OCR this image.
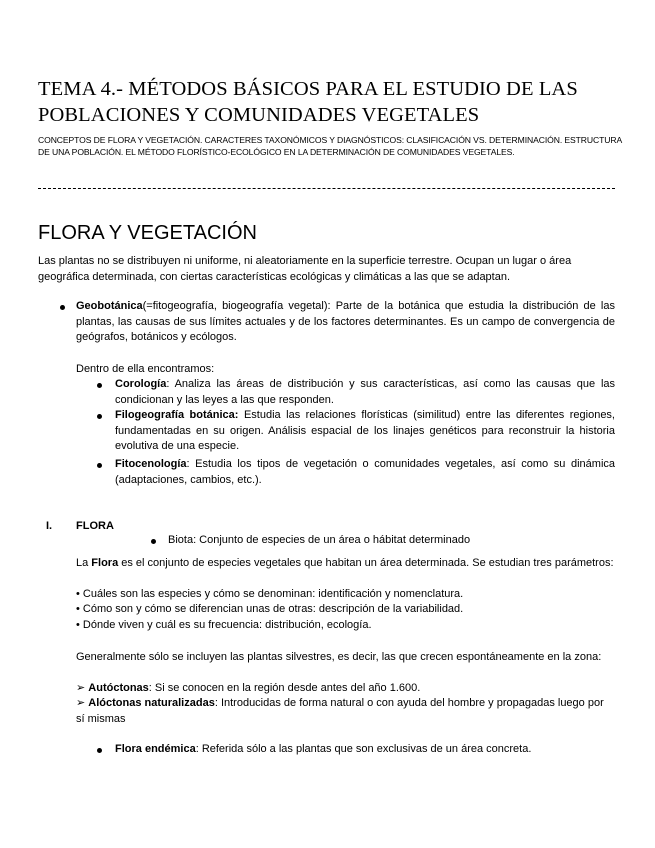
TEMA 4.- MÉTODOS BÁSICOS PARA EL ESTUDIO DE LAS
POBLACIONES Y COMUNIDADES VEGETALES

CONCEPTOS DE FLORA Y VEGETACIÓN. CARACTERES TAXONÓMICOS Y DIAGNÓSTICOS: CLASIFICACIÓN VS. DETERMINACIÓN. ESTRUCTURA DE UNA POBLACIÓN. EL MÉTODO FLORÍSTICO-ECOLÓGICO EN LA DETERMINACIÓN DE COMUNIDADES VEGETALES.

FLORA Y VEGETACIÓN

Las plantas no se distribuyen ni uniforme, ni aleatoriamente en la superficie terrestre. Ocupan un lugar o área geográfica determinada, con ciertas características ecológicas y climáticas a las que se adaptan.

Geobotánica(=fitogeografía, biogeografía vegetal): Parte de la botánica que estudia la distribución de las plantas, las causas de sus límites actuales y de los factores determinantes. Es un campo de convergencia de geógrafos, botánicos y ecólogos.

Dentro de ella encontramos:

Corología: Analiza las áreas de distribución y sus características, así como las causas que las condicionan y las leyes a las que responden.

Filogeografía botánica: Estudia las relaciones florísticas (similitud) entre las diferentes regiones, fundamentadas en su origen. Análisis espacial de los linajes genéticos para reconstruir la historia evolutiva de una especie.

Fitocenología: Estudia los tipos de vegetación o comunidades vegetales, así como su dinámica (adaptaciones, cambios, etc.).

I. FLORA

Biota: Conjunto de especies de un área o hábitat determinado

La Flora es el conjunto de especies vegetales que habitan un área determinada. Se estudian tres parámetros:

• Cuáles son las especies y cómo se denominan: identificación y nomenclatura.

• Cómo son y cómo se diferencian unas de otras: descripción de la variabilidad.

• Dónde viven y cuál es su frecuencia: distribución, ecología.

Generalmente sólo se incluyen las plantas silvestres, es decir, las que crecen espontáneamente en la zona:

➢ Autóctonas: Si se conocen en la región desde antes del año 1.600.

➢ Alóctonas naturalizadas: Introducidas de forma natural o con ayuda del hombre y propagadas luego por sí mismas

Flora endémica: Referida sólo a las plantas que son exclusivas de un área concreta.
